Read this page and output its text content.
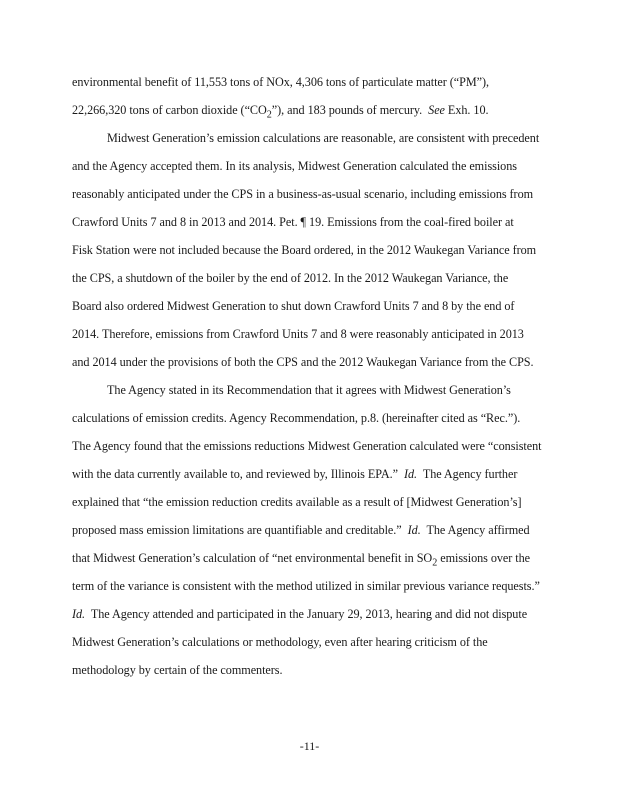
environmental benefit of 11,553 tons of NOx, 4,306 tons of particulate matter (“PM”),
22,266,320 tons of carbon dioxide $(“CO_2”)$, and 183 pounds of mercury. See Exh. 10.
Midwest Generation’s emission calculations are reasonable, are consistent with precedent
and the Agency accepted them. In its analysis, Midwest Generation calculated the emissions
reasonably anticipated under the CPS in a business-as-usual scenario, including emissions from
Crawford Units 7 and 8 in 2013 and 2014. Pet. ¶ 19. Emissions from the coal-fired boiler at
Fisk Station were not included because the Board ordered, in the 2012 Waukegan Variance from
the CPS, a shutdown of the boiler by the end of 2012. In the 2012 Waukegan Variance, the
Board also ordered Midwest Generation to shut down Crawford Units 7 and 8 by the end of
2014. Therefore, emissions from Crawford Units 7 and 8 were reasonably anticipated in 2013
and 2014 under the provisions of both the CPS and the 2012 Waukegan Variance from the CPS.
The Agency stated in its Recommendation that it agrees with Midwest Generation’s
calculations of emission credits. Agency Recommendation, p.8. (hereinafter cited as “Rec.”).
The Agency found that the emissions reductions Midwest Generation calculated were “consistent
with the data currently available to, and reviewed by, Illinois EPA.” Id. The Agency further
explained that “the emission reduction credits available as a result of [Midwest Generation’s]
proposed mass emission limitations are quantifiable and creditable.” Id. The Agency affirmed
that Midwest Generation’s calculation of “net environmental benefit in $SO_2$ emissions over the
term of the variance is consistent with the method utilized in similar previous variance requests.”
Id. The Agency attended and participated in the January 29, 2013, hearing and did not dispute
Midwest Generation’s calculations or methodology, even after hearing criticism of the
methodology by certain of the commenters.
-11-
